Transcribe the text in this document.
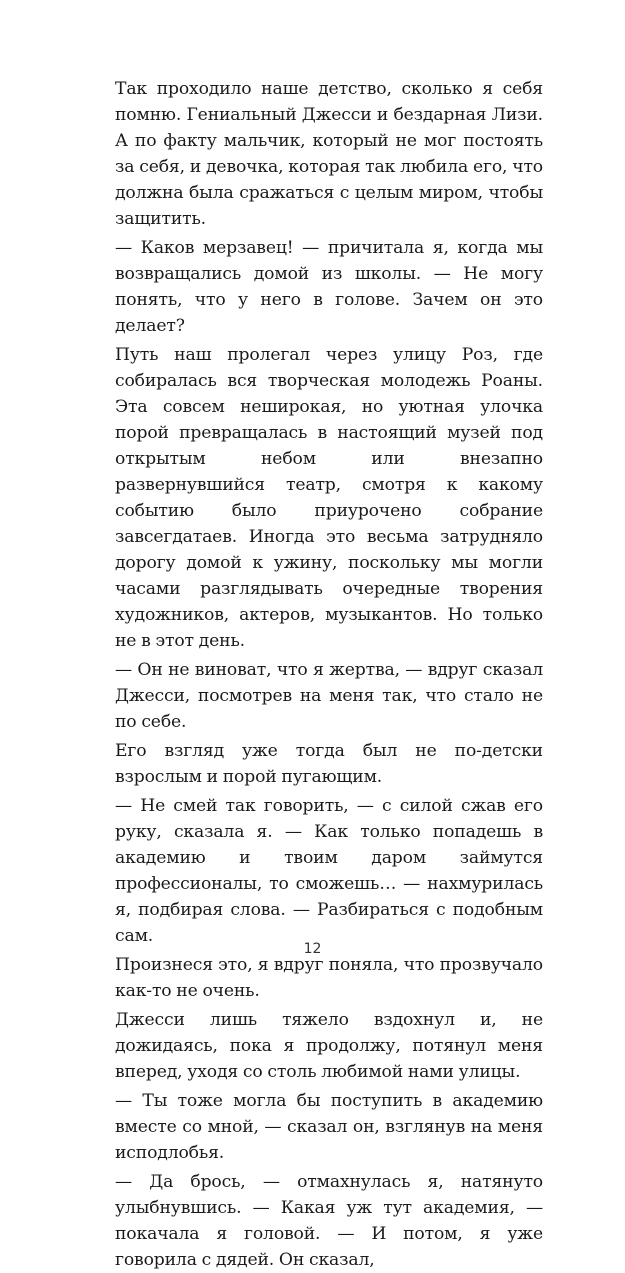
Так проходило наше детство, сколько я себя помню. Гениальный Джесси и бездарная Лизи. А по факту мальчик, который не мог постоять за себя, и девочка, которая так любила его, что должна была сражаться с целым миром, чтобы защитить.

— Каков мерзавец! — причитала я, когда мы возвращались домой из школы. — Не могу понять, что у него в голове. Зачем он это делает?

Путь наш пролегал через улицу Роз, где собиралась вся творческая молодежь Роаны. Эта совсем неширокая, но уютная улочка порой превращалась в настоящий музей под открытым небом или внезапно развернувшийся театр, смотря к какому событию было приурочено собрание завсегдатаев. Иногда это весьма затрудняло дорогу домой к ужину, поскольку мы могли часами разглядывать очередные творения художников, актеров, музыкантов. Но только не в этот день.

— Он не виноват, что я жертва, — вдруг сказал Джесси, посмотрев на меня так, что стало не по себе.

Его взгляд уже тогда был не по-детски взрослым и порой пугающим.

— Не смей так говорить, — с силой сжав его руку, сказала я. — Как только попадешь в академию и твоим даром займутся профессионалы, то сможешь… — нахмурилась я, подбирая слова. — Разбираться с подобным сам.

Произнеся это, я вдруг поняла, что прозвучало как-то не очень.

Джесси лишь тяжело вздохнул и, не дожидаясь, пока я продолжу, потянул меня вперед, уходя со столь любимой нами улицы.

— Ты тоже могла бы поступить в академию вместе со мной, — сказал он, взглянув на меня исподлобья.

— Да брось, — отмахнулась я, натянуто улыбнувшись. — Какая уж тут академия, — покачала я головой. — И потом, я уже говорила с дядей. Он сказал,

12
